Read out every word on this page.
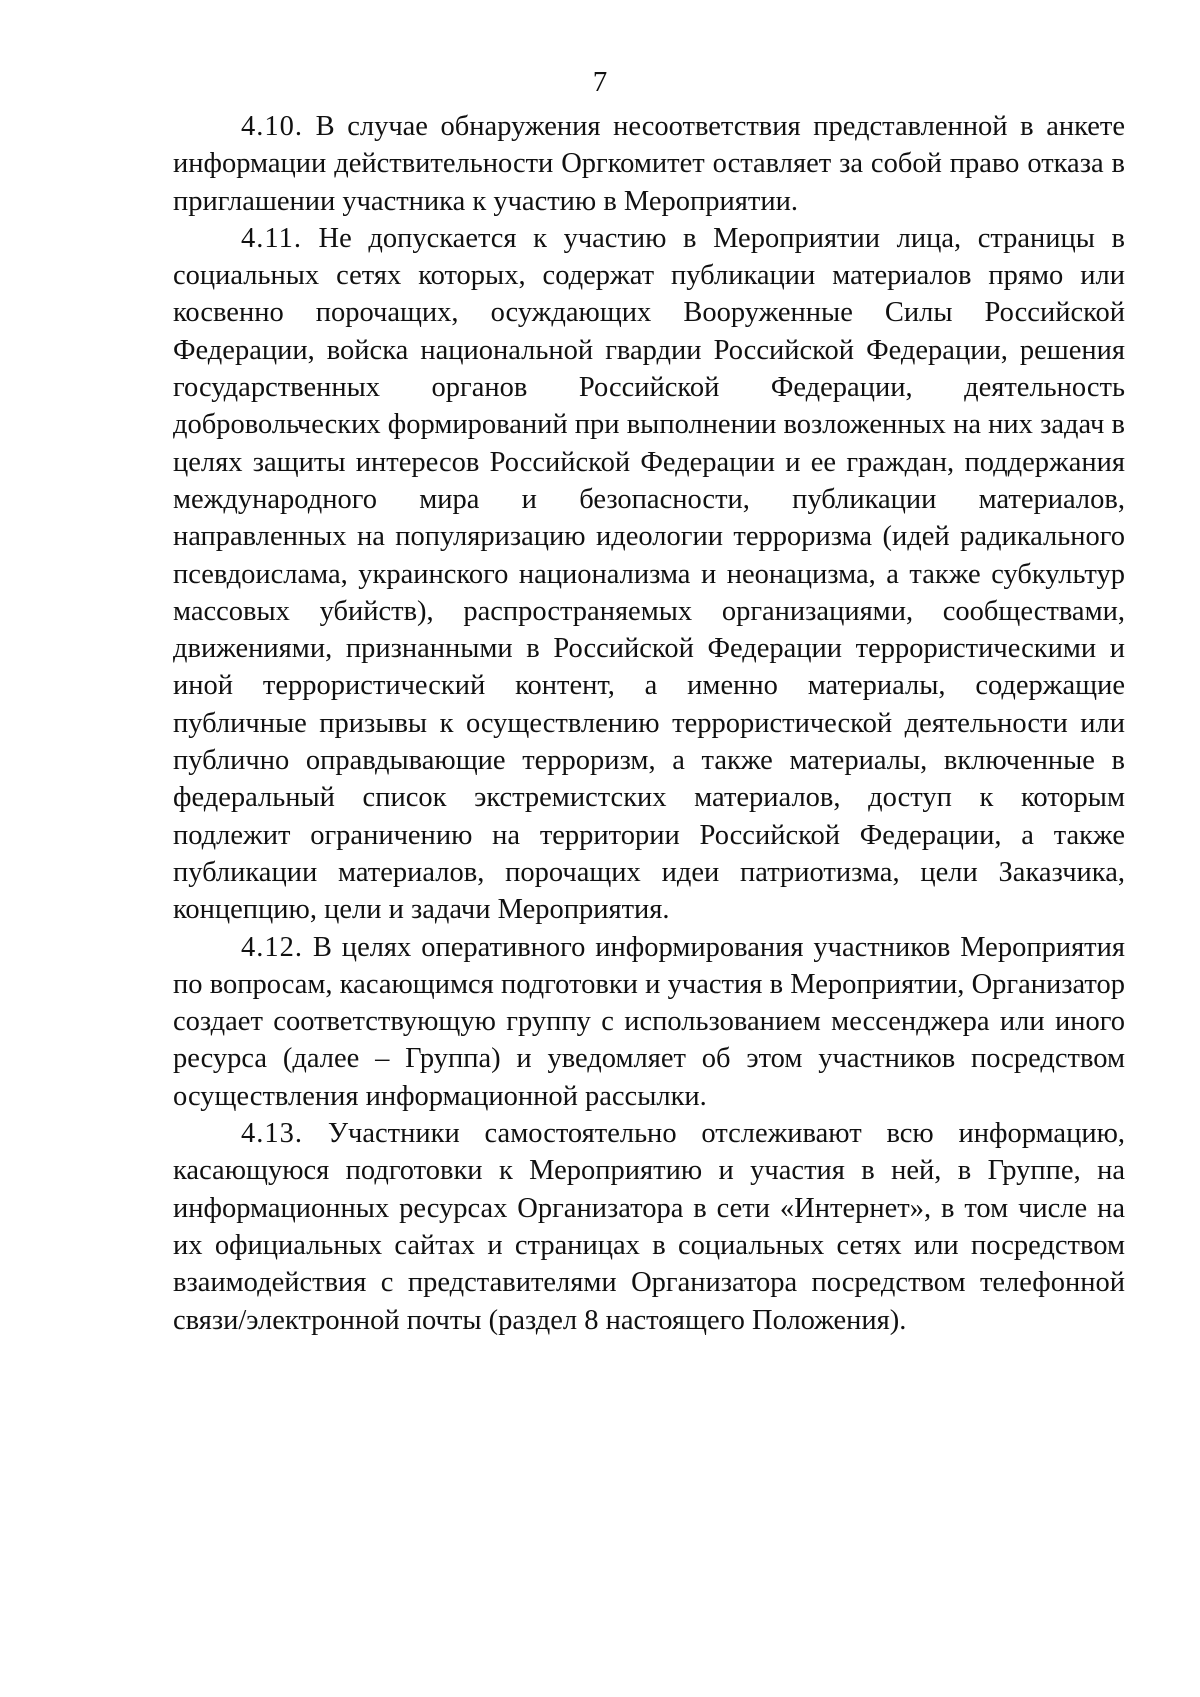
7

4.10. В случае обнаружения несоответствия представленной в анкете информации действительности Оргкомитет оставляет за собой право отказа в приглашении участника к участию в Мероприятии.

4.11. Не допускается к участию в Мероприятии лица, страницы в социальных сетях которых, содержат публикации материалов прямо или косвенно порочащих, осуждающих Вооруженные Силы Российской Федерации, войска национальной гвардии Российской Федерации, решения государственных органов Российской Федерации, деятельность добровольческих формирований при выполнении возложенных на них задач в целях защиты интересов Российской Федерации и ее граждан, поддержания международного мира и безопасности, публикации материалов, направленных на популяризацию идеологии терроризма (идей радикального псевдоислама, украинского национализма и неонацизма, а также субкультур массовых убийств), распространяемых организациями, сообществами, движениями, признанными в Российской Федерации террористическими и иной террористический контент, а именно материалы, содержащие публичные призывы к осуществлению террористической деятельности или публично оправдывающие терроризм, а также материалы, включенные в федеральный список экстремистских материалов, доступ к которым подлежит ограничению на территории Российской Федерации, а также публикации материалов, порочащих идеи патриотизма, цели Заказчика, концепцию, цели и задачи Мероприятия.

4.12. В целях оперативного информирования участников Мероприятия по вопросам, касающимся подготовки и участия в Мероприятии, Организатор создает соответствующую группу с использованием мессенджера или иного ресурса (далее – Группа) и уведомляет об этом участников посредством осуществления информационной рассылки.

4.13. Участники самостоятельно отслеживают всю информацию, касающуюся подготовки к Мероприятию и участия в ней, в Группе, на информационных ресурсах Организатора в сети «Интернет», в том числе на их официальных сайтах и страницах в социальных сетях или посредством взаимодействия с представителями Организатора посредством телефонной связи/электронной почты (раздел 8 настоящего Положения).
